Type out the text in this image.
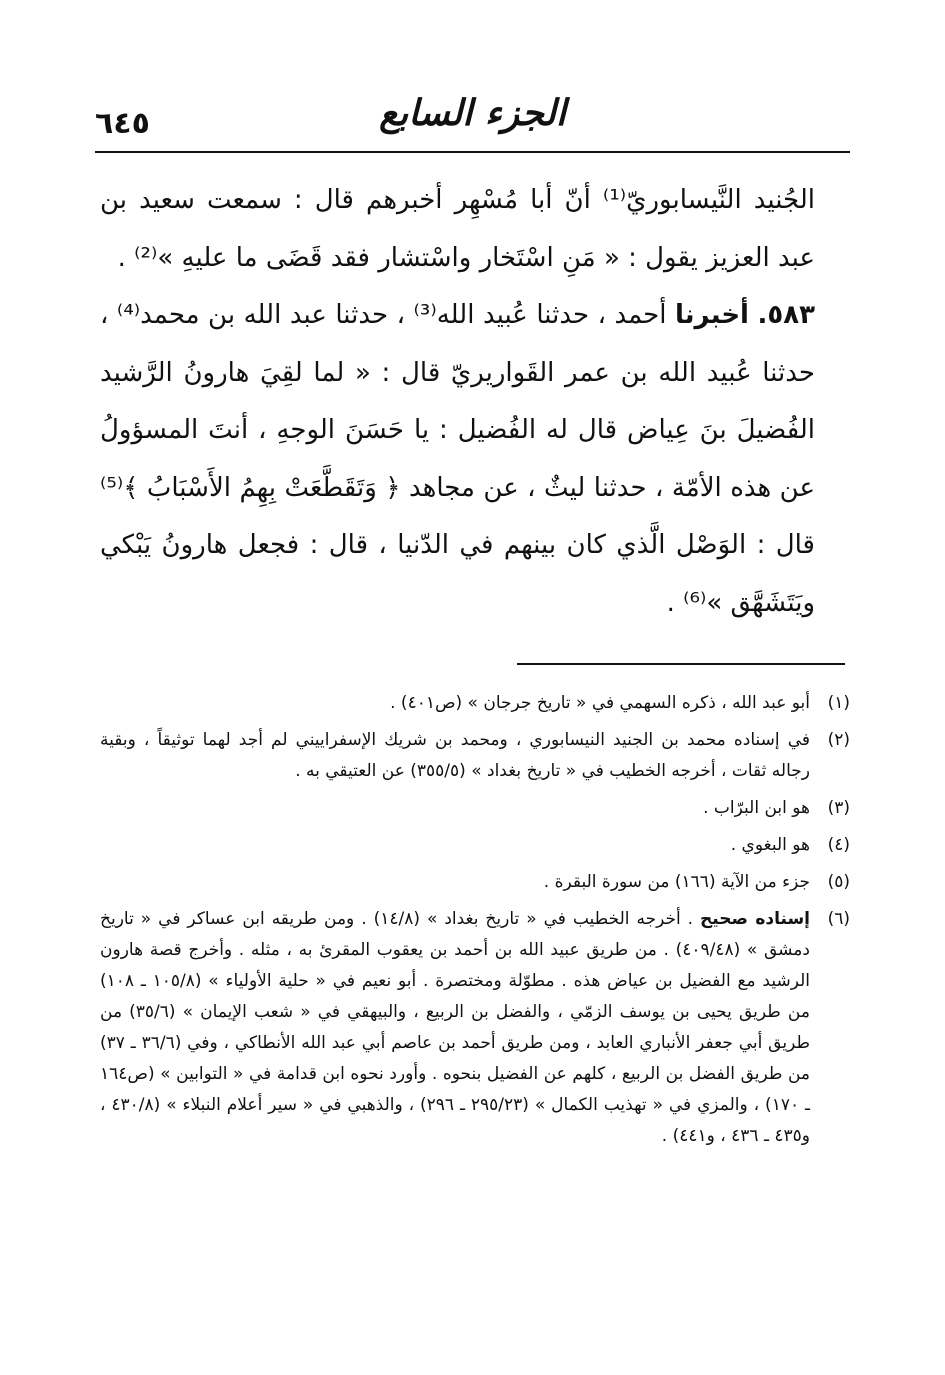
٦٤٥	الجزء السابع

الجُنيد النَّيسابوريّ⁽¹⁾ أنّ أبا مُسْهِر أخبرهم قال : سمعت سعيد بن عبد العزيز يقول : « مَنِ اسْتَخار واسْتشار فقد قَضَى ما عليهِ »⁽²⁾ .

٥٨٣. أخبرنا أحمد ، حدثنا عُبيد الله⁽³⁾ ، حدثنا عبد الله بن محمد⁽⁴⁾ ، حدثنا عُبيد الله بن عمر القَواريريّ قال : « لما لقِيَ هارونُ الرَّشيد الفُضيلَ بنَ عِياض قال له الفُضيل : يا حَسَنَ الوجهِ ، أنتَ المسؤولُ عن هذه الأمّة ، حدثنا ليثٌ ، عن مجاهد ﴿ وَتَقَطَّعَتْ بِهِمُ الأَسْبَابُ ﴾⁽⁵⁾ قال : الوَصْل الَّذي كان بينهم في الدّنيا ، قال : فجعل هارونُ يَبْكي ويَتَشَهَّق »⁽⁶⁾ .

(١)
أبو عبد الله ، ذكره السهمي في « تاريخ جرجان » (ص٤٠١) .
(٢)
في إسناده محمد بن الجنيد النيسابوري ، ومحمد بن شريك الإسفراييني لم أجد لهما توثيقاً ، وبقية رجاله ثقات ، أخرجه الخطيب في « تاريخ بغداد » (٣٥٥/٥) عن العتيقي به .
(٣)
هو ابن البرّاب .
(٤)
هو البغوي .
(٥)
جزء من الآية (١٦٦) من سورة البقرة .
(٦)
إسناده صحيح . أخرجه الخطيب في « تاريخ بغداد » (١٤/٨) . ومن طريقه ابن عساكر في « تاريخ دمشق » (٤٠٩/٤٨) . من طريق عبيد الله بن أحمد بن يعقوب المقرئ به ، مثله . وأخرج قصة هارون الرشيد مع الفضيل بن عياض هذه . مطوّلة ومختصرة . أبو نعيم في « حلية الأولياء » (١٠٥/٨ ـ ١٠٨) من طريق يحيى بن يوسف الزمّي ، والفضل بن الربيع ، والبيهقي في « شعب الإيمان » (٣٥/٦) من طريق أبي جعفر الأنباري العابد ، ومن طريق أحمد بن عاصم أبي عبد الله الأنطاكي ، وفي (٣٦/٦ ـ ٣٧) من طريق الفضل بن الربيع ، كلهم عن الفضيل بنحوه . وأورد نحوه ابن قدامة في « التوابين » (ص١٦٤ ـ ١٧٠) ، والمزي في « تهذيب الكمال » (٢٩٥/٢٣ ـ ٢٩٦) ، والذهبي في « سير أعلام النبلاء » (٤٣٠/٨ ، و٤٣٥ ـ ٤٣٦ ، و٤٤١) .
